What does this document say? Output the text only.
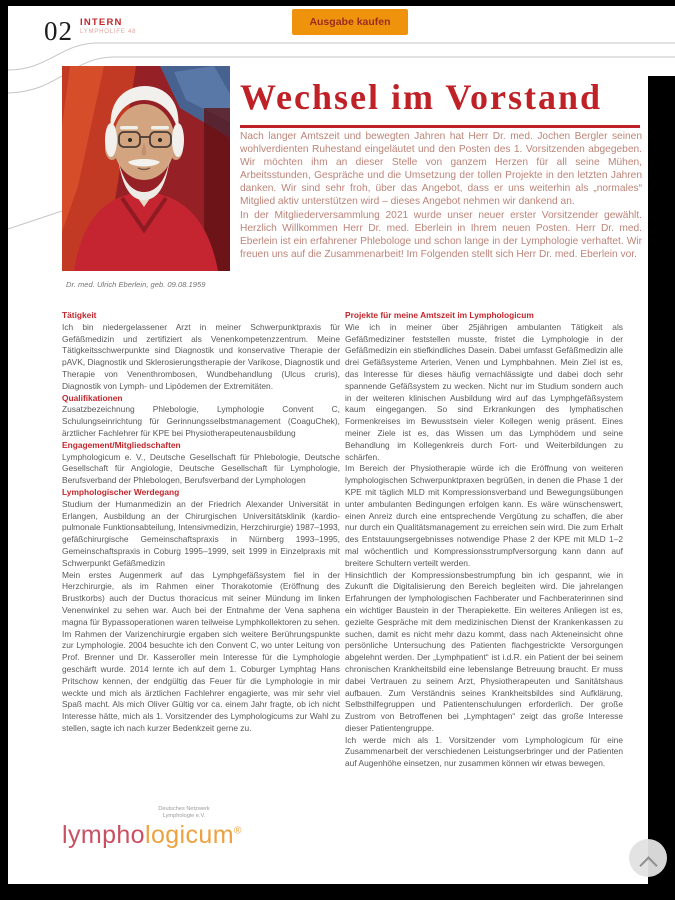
02 INTERN
LYMPHOLIFE 48
Ausgabe kaufen
Dr. med. Ulrich Eberlein, geb. 09.08.1959
Wechsel im Vorstand

Nach langer Amtszeit und bewegten Jahren hat Herr Dr. med. Jochen Bergler seinen wohlverdienten Ruhestand eingeläutet und den Posten des 1. Vorsitzenden abgegeben. Wir möchten ihm an dieser Stelle von ganzem Herzen für all seine Mühen, Arbeitsstunden, Gespräche und die Umsetzung der tollen Projekte in den letzten Jahren danken. Wir sind sehr froh, über das Angebot, dass er uns weiterhin als „normales“ Mitglied aktiv unterstützen wird – dieses Angebot nehmen wir dankend an.

In der Mitgliederversammlung 2021 wurde unser neuer erster Vorsitzender gewählt. Herzlich Willkommen Herr Dr. med. Eberlein in Ihrem neuen Posten. Herr Dr. med. Eberlein ist ein erfahrener Phlebologe und schon lange in der Lymphologie verhaftet. Wir freuen uns auf die Zusammenarbeit! Im Folgenden stellt sich Herr Dr. med. Eberlein vor.

Tätigkeit

Ich bin niedergelassener Arzt in meiner Schwerpunktpraxis für Gefäßmedizin und zertifiziert als Venenkompetenzzentrum. Meine Tätigkeitsschwerpunkte sind Diagnostik und konservative Therapie der pAVK, Diagnostik und Sklerosierungstherapie der Varikose, Diagnostik und Therapie von Venenthrombosen, Wundbehandlung (Ulcus cruris), Diagnostik von Lymph- und Lipödemen der Extremitäten.

Qualifikationen

Zusatzbezeichnung Phlebologie, Lymphologie Convent C, Schulungseinrichtung für Gerinnungsselbstmanagement (CoaguChek), ärztlicher Fachlehrer für KPE bei Physiotherapeutenausbildung

Engagement/Mitgliedschaften

Lymphologicum e. V., Deutsche Gesellschaft für Phlebologie, Deutsche Gesellschaft für Angiologie, Deutsche Gesellschaft für Lymphologie, Berufsverband der Phlebologen, Berufsverband der Lymphologen

Lymphologischer Werdegang

Studium der Humanmedizin an der Friedrich Alexander Universität in Erlangen, Ausbildung an der Chirurgischen Universitätsklinik (kardio-pulmonale Funktionsabteilung, Intensivmedizin, Herzchirurgie) 1987–1993, gefäßchirurgische Gemeinschaftspraxis in Nürnberg 1993–1995, Gemeinschaftspraxis in Coburg 1995–1999, seit 1999 in Einzelpraxis mit Schwerpunkt Gefäßmedizin

Mein erstes Augenmerk auf das Lymphgefäßsystem fiel in der Herzchirurgie, als im Rahmen einer Thorakotomie (Eröffnung des Brustkorbs) auch der Ductus thoracicus mit seiner Mündung im linken Venenwinkel zu sehen war. Auch bei der Entnahme der Vena saphena magna für Bypassoperationen waren teilweise Lymphkollektoren zu sehen. Im Rahmen der Varizenchirurgie ergaben sich weitere Berührungspunkte zur Lymphologie. 2004 besuchte ich den Convent C, wo unter Leitung von Prof. Brenner und Dr. Kasseroller mein Interesse für die Lymphologie geschärft wurde. 2014 lernte ich auf dem 1. Coburger Lymphtag Hans Pritschow kennen, der endgültig das Feuer für die Lymphologie in mir weckte und mich als ärztlichen Fachlehrer engagierte, was mir sehr viel Spaß macht. Als mich Oliver Gültig vor ca. einem Jahr fragte, ob ich nicht Interesse hätte, mich als 1. Vorsitzender des Lymphologicums zur Wahl zu stellen, sagte ich nach kurzer Bedenkzeit gerne zu.

Projekte für meine Amtszeit im Lymphologicum

Wie ich in meiner über 25jährigen ambulanten Tätigkeit als Gefäßmediziner feststellen musste, fristet die Lymphologie in der Gefäßmedizin ein stiefkindliches Dasein. Dabei umfasst Gefäßmedizin alle drei Gefäßsysteme Arterien, Venen und Lymphbahnen. Mein Ziel ist es, das Interesse für dieses häufig vernachlässigte und dabei doch sehr spannende Gefäßsystem zu wecken. Nicht nur im Studium sondern auch in der weiteren klinischen Ausbildung wird auf das Lymphgefäßsystem kaum eingegangen. So sind Erkrankungen des lymphatischen Formenkreises im Bewusstsein vieler Kollegen wenig präsent. Eines meiner Ziele ist es, das Wissen um das Lymphödem und seine Behandlung im Kollegenkreis durch Fort- und Weiterbildungen zu schärfen.

Im Bereich der Physiotherapie würde ich die Eröffnung von weiteren lymphologischen Schwerpunktpraxen begrüßen, in denen die Phase 1 der KPE mit täglich MLD mit Kompressionsverband und Bewegungsübungen unter ambulanten Bedingungen erfolgen kann. Es wäre wünschenswert, einen Anreiz durch eine entsprechende Vergütung zu schaffen, die aber nur durch ein Qualitätsmanagement zu erreichen sein wird. Die zum Erhalt des Entstauungsergebnisses notwendige Phase 2 der KPE mit MLD 1–2 mal wöchentlich und Kompressionsstrumpfversorgung kann dann auf breitere Schultern verteilt werden.

Hinsichtlich der Kompressionsbestrumpfung bin ich gespannt, wie in Zukunft die Digitalisierung den Bereich begleiten wird. Die jahrelangen Erfahrungen der lymphologischen Fachberater und Fachberaterinnen sind ein wichtiger Baustein in der Therapiekette. Ein weiteres Anliegen ist es, gezielte Gespräche mit dem medizinischen Dienst der Krankenkassen zu suchen, damit es nicht mehr dazu kommt, dass nach Akteneinsicht ohne persönliche Untersuchung des Patienten flachgestrickte Versorgungen abgelehnt werden. Der „Lymphpatient“ ist i.d.R. ein Patient der bei seinem chronischen Krankheitsbild eine lebenslange Betreuung braucht. Er muss dabei Vertrauen zu seinem Arzt, Physiotherapeuten und Sanitätshaus aufbauen. Zum Verständnis seines Krankheitsbildes sind Aufklärung, Selbsthilfegruppen und Patientenschulungen erforderlich. Der große Zustrom von Betroffenen bei „Lymphtagen“ zeigt das große Interesse dieser Patientengruppe.

Ich werde mich als 1. Vorsitzender vom Lymphologicum für eine Zusammenarbeit der verschiedenen Leistungserbringer und der Patienten auf Augenhöhe einsetzen, nur zusammen können wir etwas bewegen.

Deutsches Netzwerk
Lymphologie e.V.
lymphologicum®
